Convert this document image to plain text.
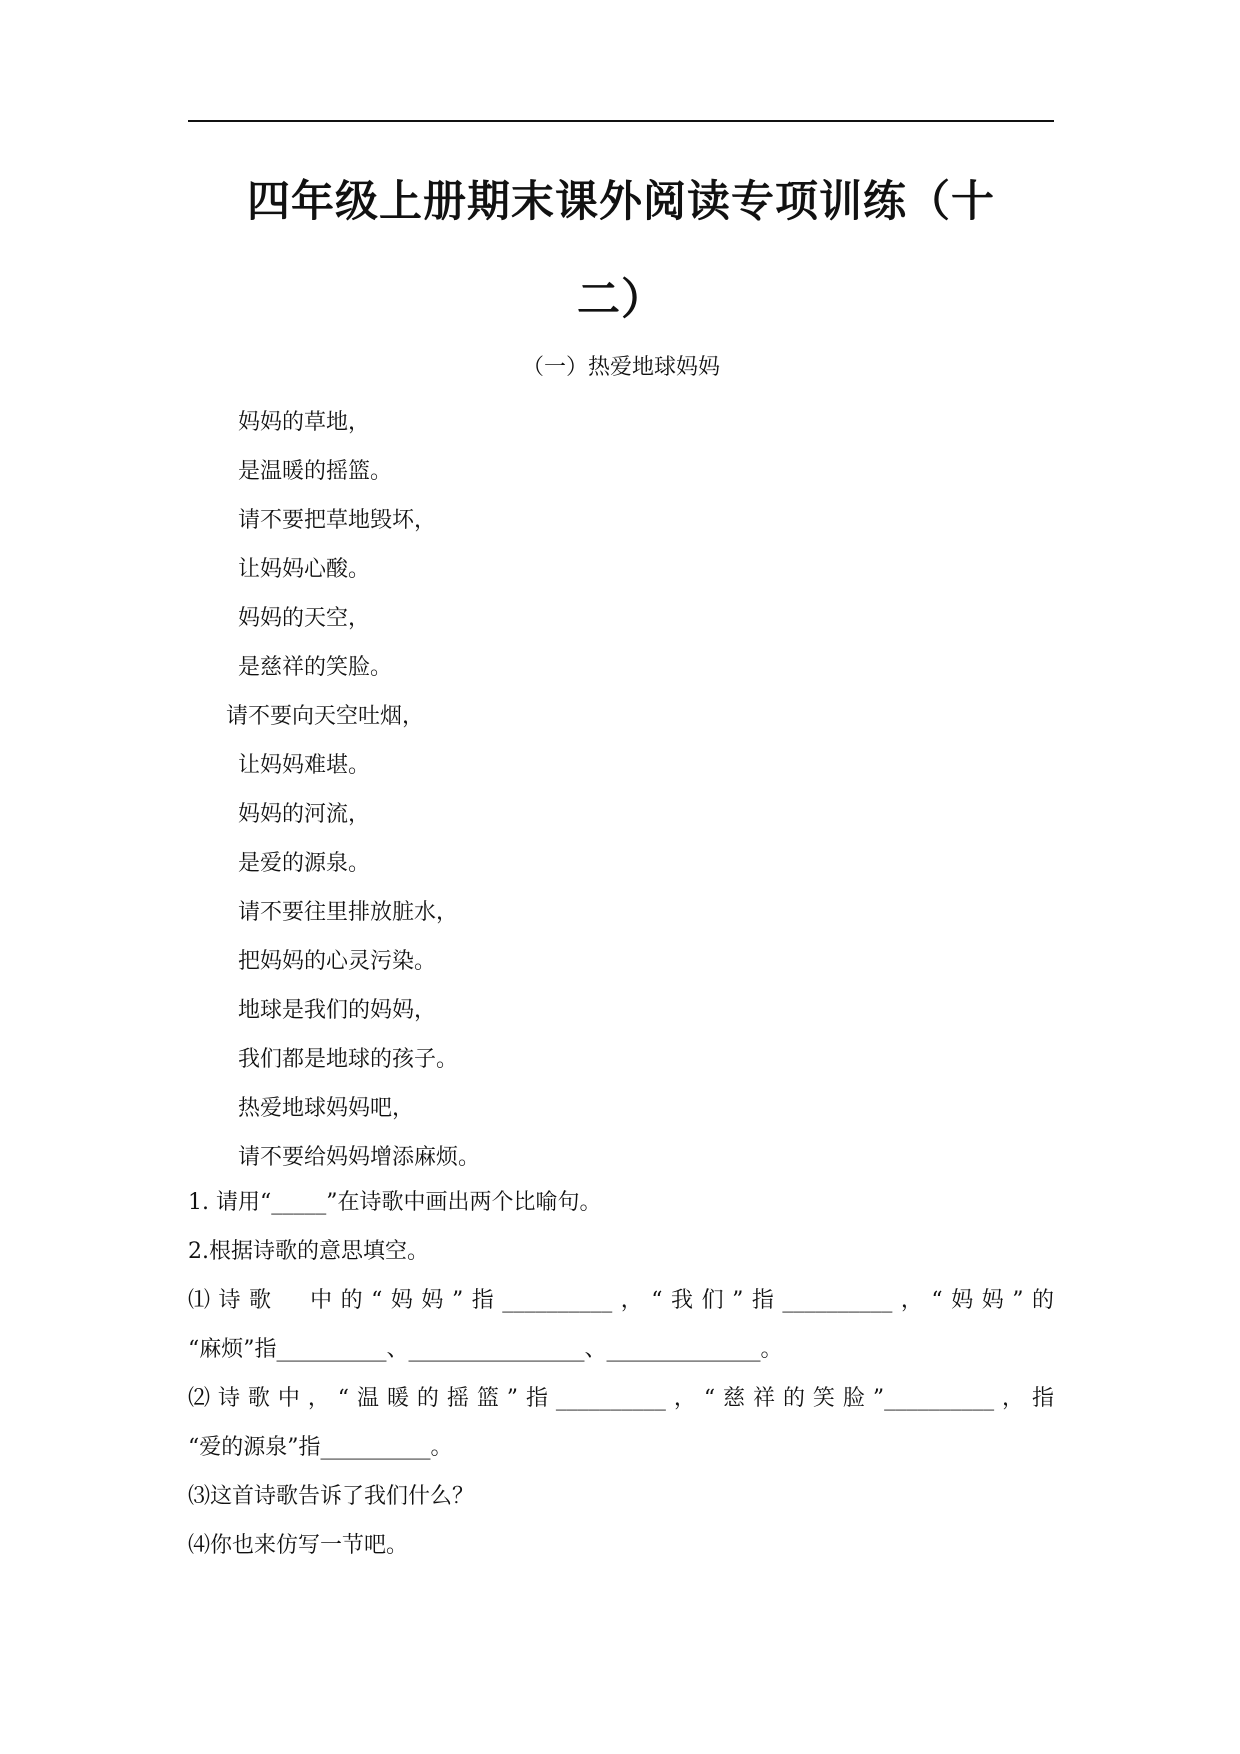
四年级上册期末课外阅读专项训练（十
二）
（一）热爱地球妈妈
妈妈的草地，
是温暖的摇篮。
请不要把草地毁坏，
让妈妈心酸。
妈妈的天空，
是慈祥的笑脸。
请不要向天空吐烟，
让妈妈难堪。
妈妈的河流，
是爱的源泉。
请不要往里排放脏水，
把妈妈的心灵污染。
地球是我们的妈妈，
我们都是地球的孩子。
热爱地球妈妈吧，
请不要给妈妈增添麻烦。
1. 请用“_____”在诗歌中画出两个比喻句。
2.根据诗歌的意思填空。
⑴诗歌　中的“妈妈”指__________，“我们”指__________，“妈妈”的
“麻烦”指__________、________________、______________。
⑵诗歌中，“温暖的摇篮”指__________，“慈祥的笑脸”__________，指
“爱的源泉”指__________。
⑶这首诗歌告诉了我们什么？
⑷你也来仿写一节吧。
